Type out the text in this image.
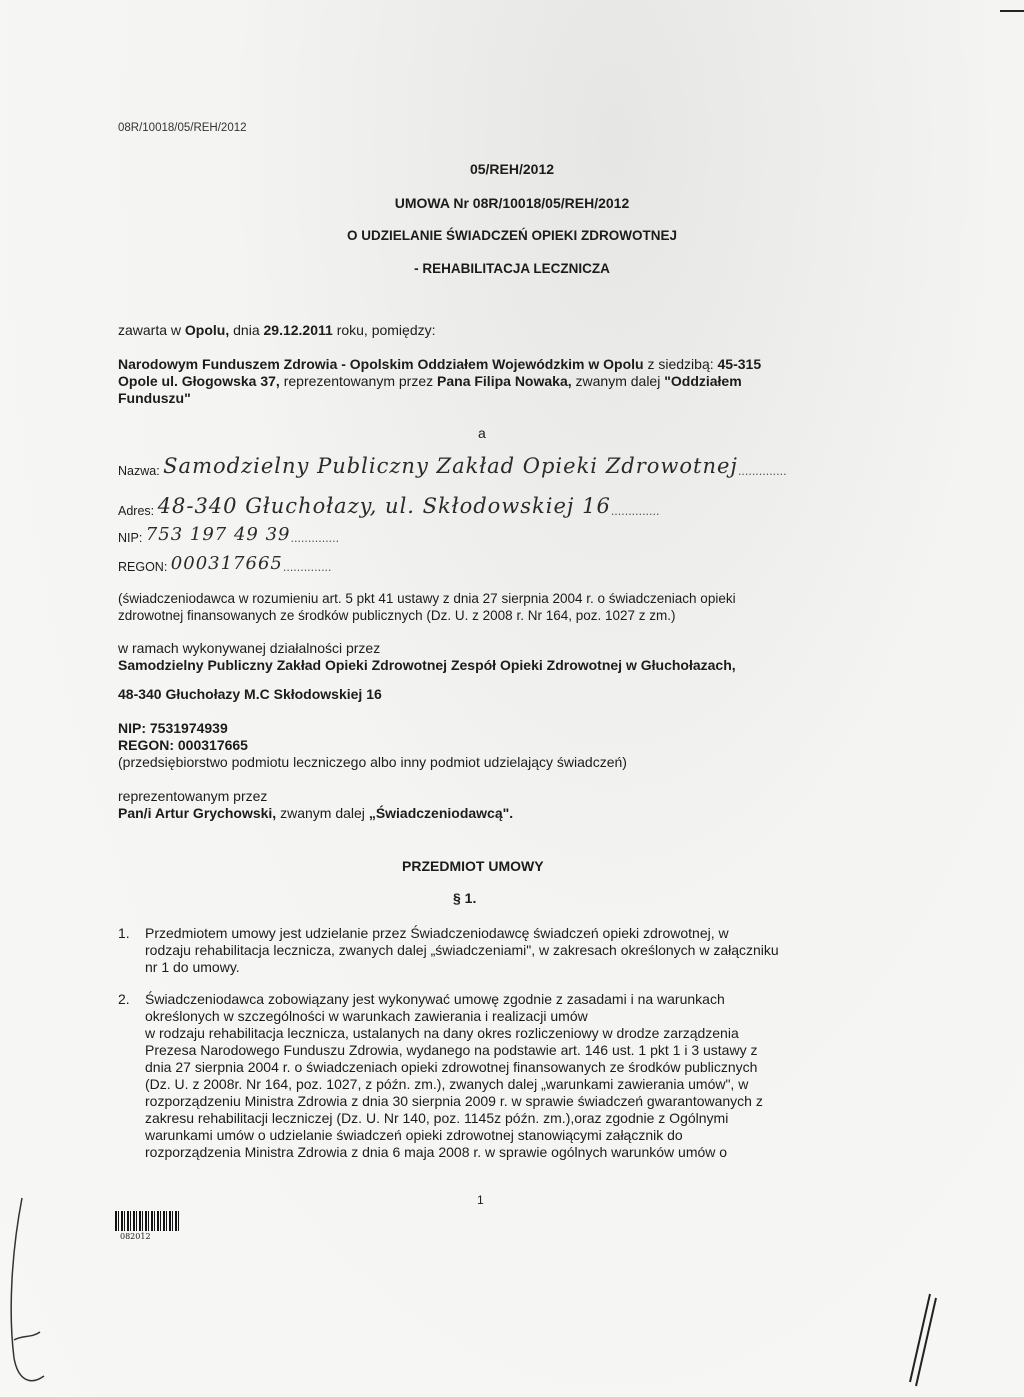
08R/10018/05/REH/2012
05/REH/2012
UMOWA Nr 08R/10018/05/REH/2012
O UDZIELANIE ŚWIADCZEŃ OPIEKI ZDROWOTNEJ
- REHABILITACJA LECZNICZA
zawarta w Opolu, dnia 29.12.2011 roku, pomiędzy:
Narodowym Funduszem Zdrowia - Opolskim Oddziałem Wojewódzkim w Opolu z siedzibą: 45-315
Opole ul. Głogowska 37, reprezentowanym przez Pana Filipa Nowaka, zwanym dalej "Oddziałem
Funduszu"
a
Nazwa: Samodzielny Publiczny Zakład Opieki Zdrowotnej..............
Adres: 48-340 Głuchołazy, ul. Skłodowskiej 16..............
NIP: 753 197 49 39..............
REGON: 000317665..............
(świadczeniodawca w rozumieniu art. 5 pkt 41 ustawy z dnia 27 sierpnia 2004 r. o świadczeniach opieki
zdrowotnej finansowanych ze środków publicznych (Dz. U. z 2008 r. Nr 164, poz. 1027 z zm.)
w ramach wykonywanej działalności przez
Samodzielny Publiczny Zakład Opieki Zdrowotnej Zespół Opieki Zdrowotnej w Głuchołazach,
48-340 Głuchołazy M.C Skłodowskiej 16
NIP: 7531974939
REGON: 000317665
(przedsiębiorstwo podmiotu leczniczego albo inny podmiot udzielający świadczeń)
reprezentowanym przez
Pan/i Artur Grychowski, zwanym dalej „Świadczeniodawcą".
PRZEDMIOT UMOWY
§ 1.
1. Przedmiotem umowy jest udzielanie przez Świadczeniodawcę świadczeń opieki zdrowotnej, w
rodzaju rehabilitacja lecznicza, zwanych dalej „świadczeniami", w zakresach określonych w załączniku
nr 1 do umowy.
2. Świadczeniodawca zobowiązany jest wykonywać umowę zgodnie z zasadami i na warunkach
określonych w szczególności w warunkach zawierania i realizacji umów
w rodzaju rehabilitacja lecznicza, ustalanych na dany okres rozliczeniowy w drodze zarządzenia
Prezesa Narodowego Funduszu Zdrowia, wydanego na podstawie art. 146 ust. 1 pkt 1 i 3 ustawy z
dnia 27 sierpnia 2004 r. o świadczeniach opieki zdrowotnej finansowanych ze środków publicznych
(Dz. U. z 2008r. Nr 164, poz. 1027, z późn. zm.), zwanych dalej „warunkami zawierania umów", w
rozporządzeniu Ministra Zdrowia z dnia 30 sierpnia 2009 r. w sprawie świadczeń gwarantowanych z
zakresu rehabilitacji leczniczej (Dz. U. Nr 140, poz. 1145z późn. zm.),oraz zgodnie z Ogólnymi
warunkami umów o udzielanie świadczeń opieki zdrowotnej stanowiącymi załącznik do
rozporządzenia Ministra Zdrowia z dnia 6 maja 2008 r. w sprawie ogólnych warunków umów o
1
082012
